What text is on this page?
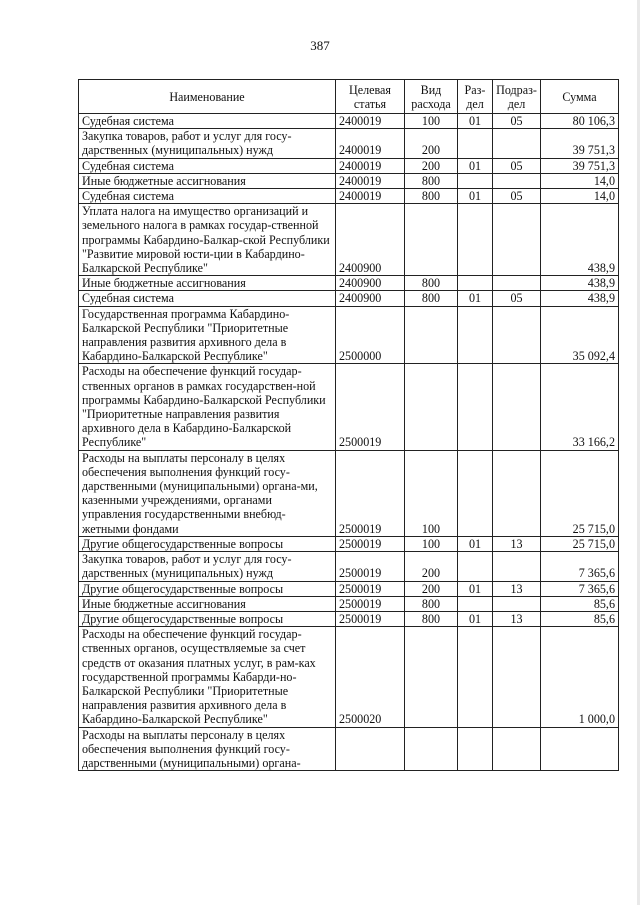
387
Наименование	Целевая статья	Вид расхода	Раз-дел	Подраз-дел	Сумма
Судебная система	2400019	100	01	05	80 106,3
Закупка товаров, работ и услуг для госу-дарственных (муниципальных) нужд	2400019	200			39 751,3
Судебная система	2400019	200	01	05	39 751,3
Иные бюджетные ассигнования	2400019	800			14,0
Судебная система	2400019	800	01	05	14,0
Уплата налога на имущество организаций и земельного налога в рамках государ-ственной программы Кабардино-Балкар-ской Республики "Развитие мировой юсти-ции в Кабардино-Балкарской Республике"	2400900				438,9
Иные бюджетные ассигнования	2400900	800			438,9
Судебная система	2400900	800	01	05	438,9
Государственная программа Кабардино-Балкарской Республики "Приоритетные направления развития архивного дела в Кабардино-Балкарской Республике"	2500000				35 092,4
Расходы на обеспечение функций государ-ственных органов в рамках государствен-ной программы Кабардино-Балкарской Республики "Приоритетные направления развития архивного дела в Кабардино-Балкарской Республике"	2500019				33 166,2
Расходы на выплаты персоналу в целях обеспечения выполнения функций госу-дарственными (муниципальными) органа-ми, казенными учреждениями, органами управления государственными внебюд-жетными фондами	2500019	100			25 715,0
Другие общегосударственные вопросы	2500019	100	01	13	25 715,0
Закупка товаров, работ и услуг для госу-дарственных (муниципальных) нужд	2500019	200			7 365,6
Другие общегосударственные вопросы	2500019	200	01	13	7 365,6
Иные бюджетные ассигнования	2500019	800			85,6
Другие общегосударственные вопросы	2500019	800	01	13	85,6
Расходы на обеспечение функций государ-ственных органов, осуществляемые за счет средств от оказания платных услуг, в рам-ках государственной программы Кабарди-но-Балкарской Республики "Приоритетные направления развития архивного дела в Кабардино-Балкарской Республике"	2500020				1 000,0
Расходы на выплаты персоналу в целях обеспечения выполнения функций госу-дарственными (муниципальными) органа-					
